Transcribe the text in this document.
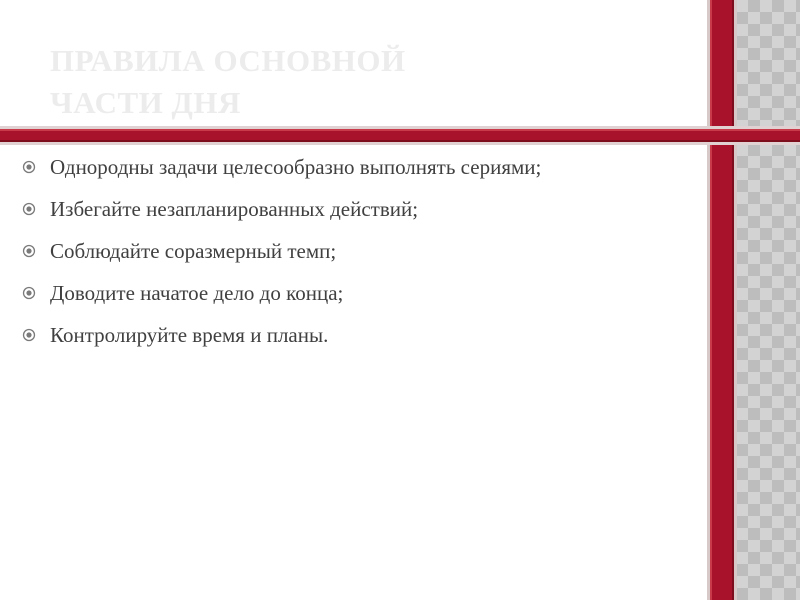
ПРАВИЛА ОСНОВНОЙ
ЧАСТИ ДНЯ
Однородны задачи целесообразно выполнять сериями;
Избегайте незапланированных действий;
Соблюдайте соразмерный темп;
Доводите начатое дело до конца;
Контролируйте время и планы.
